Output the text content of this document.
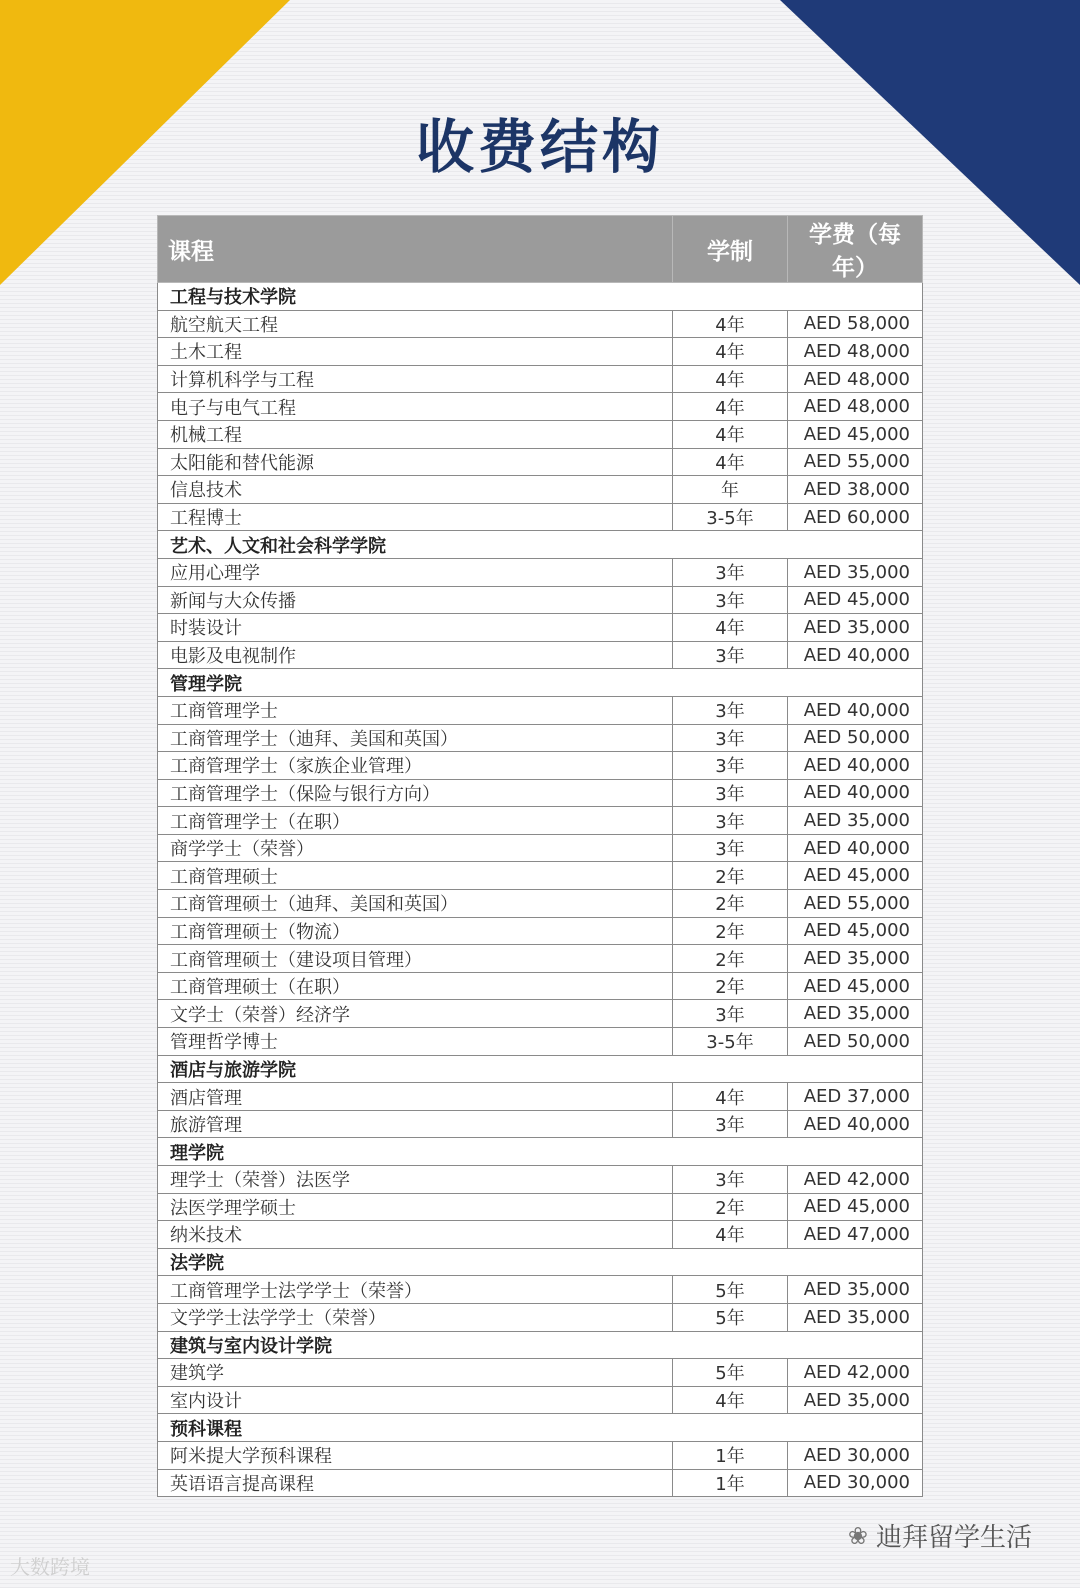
收费结构
课程	学制	学费（每年）
工程与技术学院		
航空航天工程	4年	AED 58,000
土木工程	4年	AED 48,000
计算机科学与工程	4年	AED 48,000
电子与电气工程	4年	AED 48,000
机械工程	4年	AED 45,000
太阳能和替代能源	4年	AED 55,000
信息技术	年	AED 38,000
工程博士	3-5年	AED 60,000
艺术、人文和社会科学学院		
应用心理学	3年	AED 35,000
新闻与大众传播	3年	AED 45,000
时装设计	4年	AED 35,000
电影及电视制作	3年	AED 40,000
管理学院		
工商管理学士	3年	AED 40,000
工商管理学士（迪拜、美国和英国）	3年	AED 50,000
工商管理学士（家族企业管理）	3年	AED 40,000
工商管理学士（保险与银行方向）	3年	AED 40,000
工商管理学士（在职）	3年	AED 35,000
商学学士（荣誉）	3年	AED 40,000
工商管理硕士	2年	AED 45,000
工商管理硕士（迪拜、美国和英国）	2年	AED 55,000
工商管理硕士（物流）	2年	AED 45,000
工商管理硕士（建设项目管理）	2年	AED 35,000
工商管理硕士（在职）	2年	AED 45,000
文学士（荣誉）经济学	3年	AED 35,000
管理哲学博士	3-5年	AED 50,000
酒店与旅游学院		
酒店管理	4年	AED 37,000
旅游管理	3年	AED 40,000
理学院		
理学士（荣誉）法医学	3年	AED 42,000
法医学理学硕士	2年	AED 45,000
纳米技术	4年	AED 47,000
法学院		
工商管理学士法学学士（荣誉）	5年	AED 35,000
文学学士法学学士（荣誉）	5年	AED 35,000
建筑与室内设计学院		
建筑学	5年	AED 42,000
室内设计	4年	AED 35,000
预科课程		
阿米提大学预科课程	1年	AED 30,000
英语语言提高课程	1年	AED 30,000
大数跨境
❀ 迪拜留学生活
